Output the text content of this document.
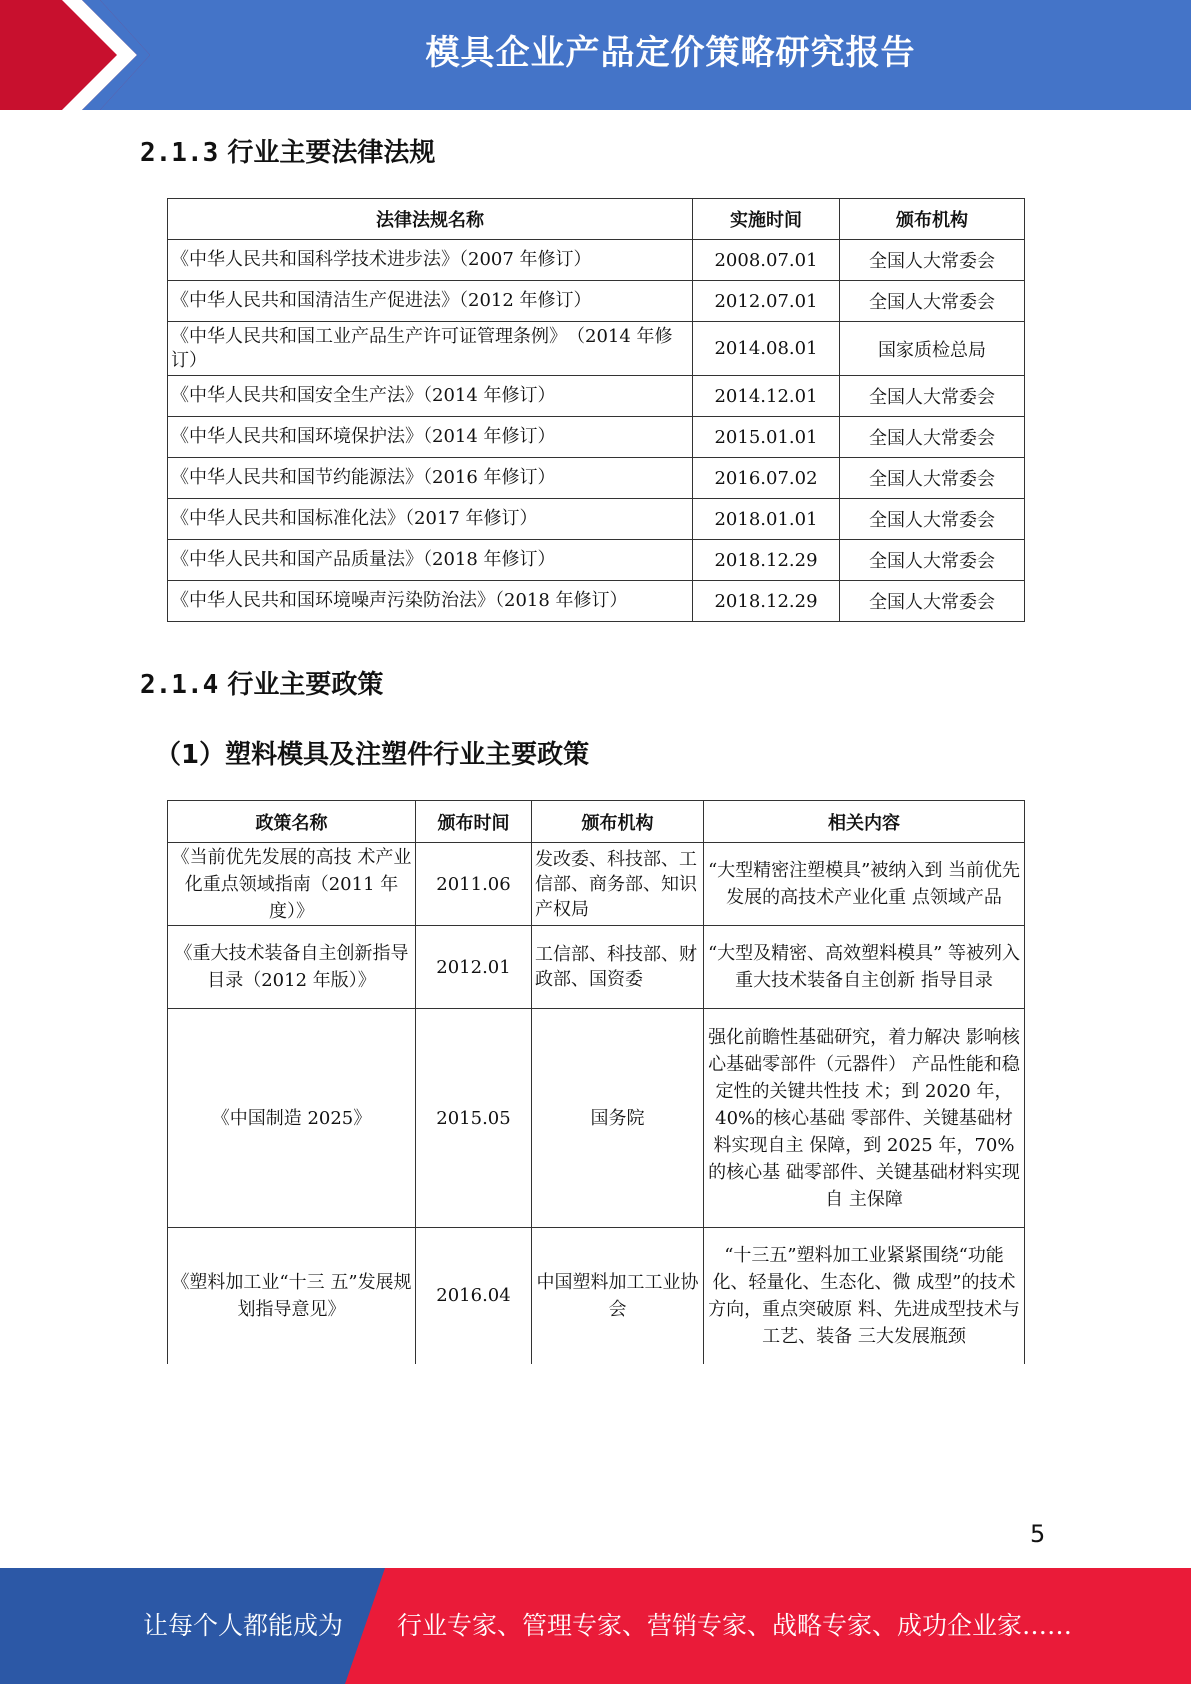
模具企业产品定价策略研究报告
2.1.3 行业主要法律法规
法律法规名称	实施时间	颁布机构
《中华人民共和国科学技术进步法》（2007 年修订）	2008.07.01	全国人大常委会
《中华人民共和国清洁生产促进法》（2012 年修订）	2012.07.01	全国人大常委会
《中华人民共和国工业产品生产许可证管理条例》　（2014 年修订）	2014.08.01	国家质检总局
《中华人民共和国安全生产法》（2014 年修订）	2014.12.01	全国人大常委会
《中华人民共和国环境保护法》（2014 年修订）	2015.01.01	全国人大常委会
《中华人民共和国节约能源法》（2016 年修订）	2016.07.02	全国人大常委会
《中华人民共和国标准化法》（2017 年修订）	2018.01.01	全国人大常委会
《中华人民共和国产品质量法》（2018 年修订）	2018.12.29	全国人大常委会
《中华人民共和国环境噪声污染防治法》（2018 年修订）	2018.12.29	全国人大常委会
2.1.4 行业主要政策
（1）塑料模具及注塑件行业主要政策
政策名称	颁布时间	颁布机构	相关内容
《当前优先发展的高技 术产业化重点领域指南（2011 年度）》	2011.06	发改委、科技部、工信部、商务部、知识产权局	“大型精密注塑模具”被纳入到 当前优先发展的高技术产业化重 点领域产品
《重大技术装备自主创新指导目录（2012 年版）》	2012.01	工信部、科技部、财政部、国资委	“大型及精密、高效塑料模具” 等被列入重大技术装备自主创新 指导目录
《中国制造 2025》	2015.05	国务院	强化前瞻性基础研究，着力解决 影响核心基础零部件（元器件） 产品性能和稳定性的关键共性技 术；到 2020 年，40%的核心基础 零部件、关键基础材料实现自主 保障，到 2025 年，70%的核心基 础零部件、关键基础材料实现自 主保障
《塑料加工业“十三 五”发展规划指导意见》	2016.04	中国塑料加工工业协会	“十三五”塑料加工业紧紧围绕“功能化、轻量化、生态化、微 成型”的技术方向，重点突破原 料、先进成型技术与工艺、装备 三大发展瓶颈
5
让每个人都能成为 行业专家、管理专家、营销专家、战略专家、成功企业家……
